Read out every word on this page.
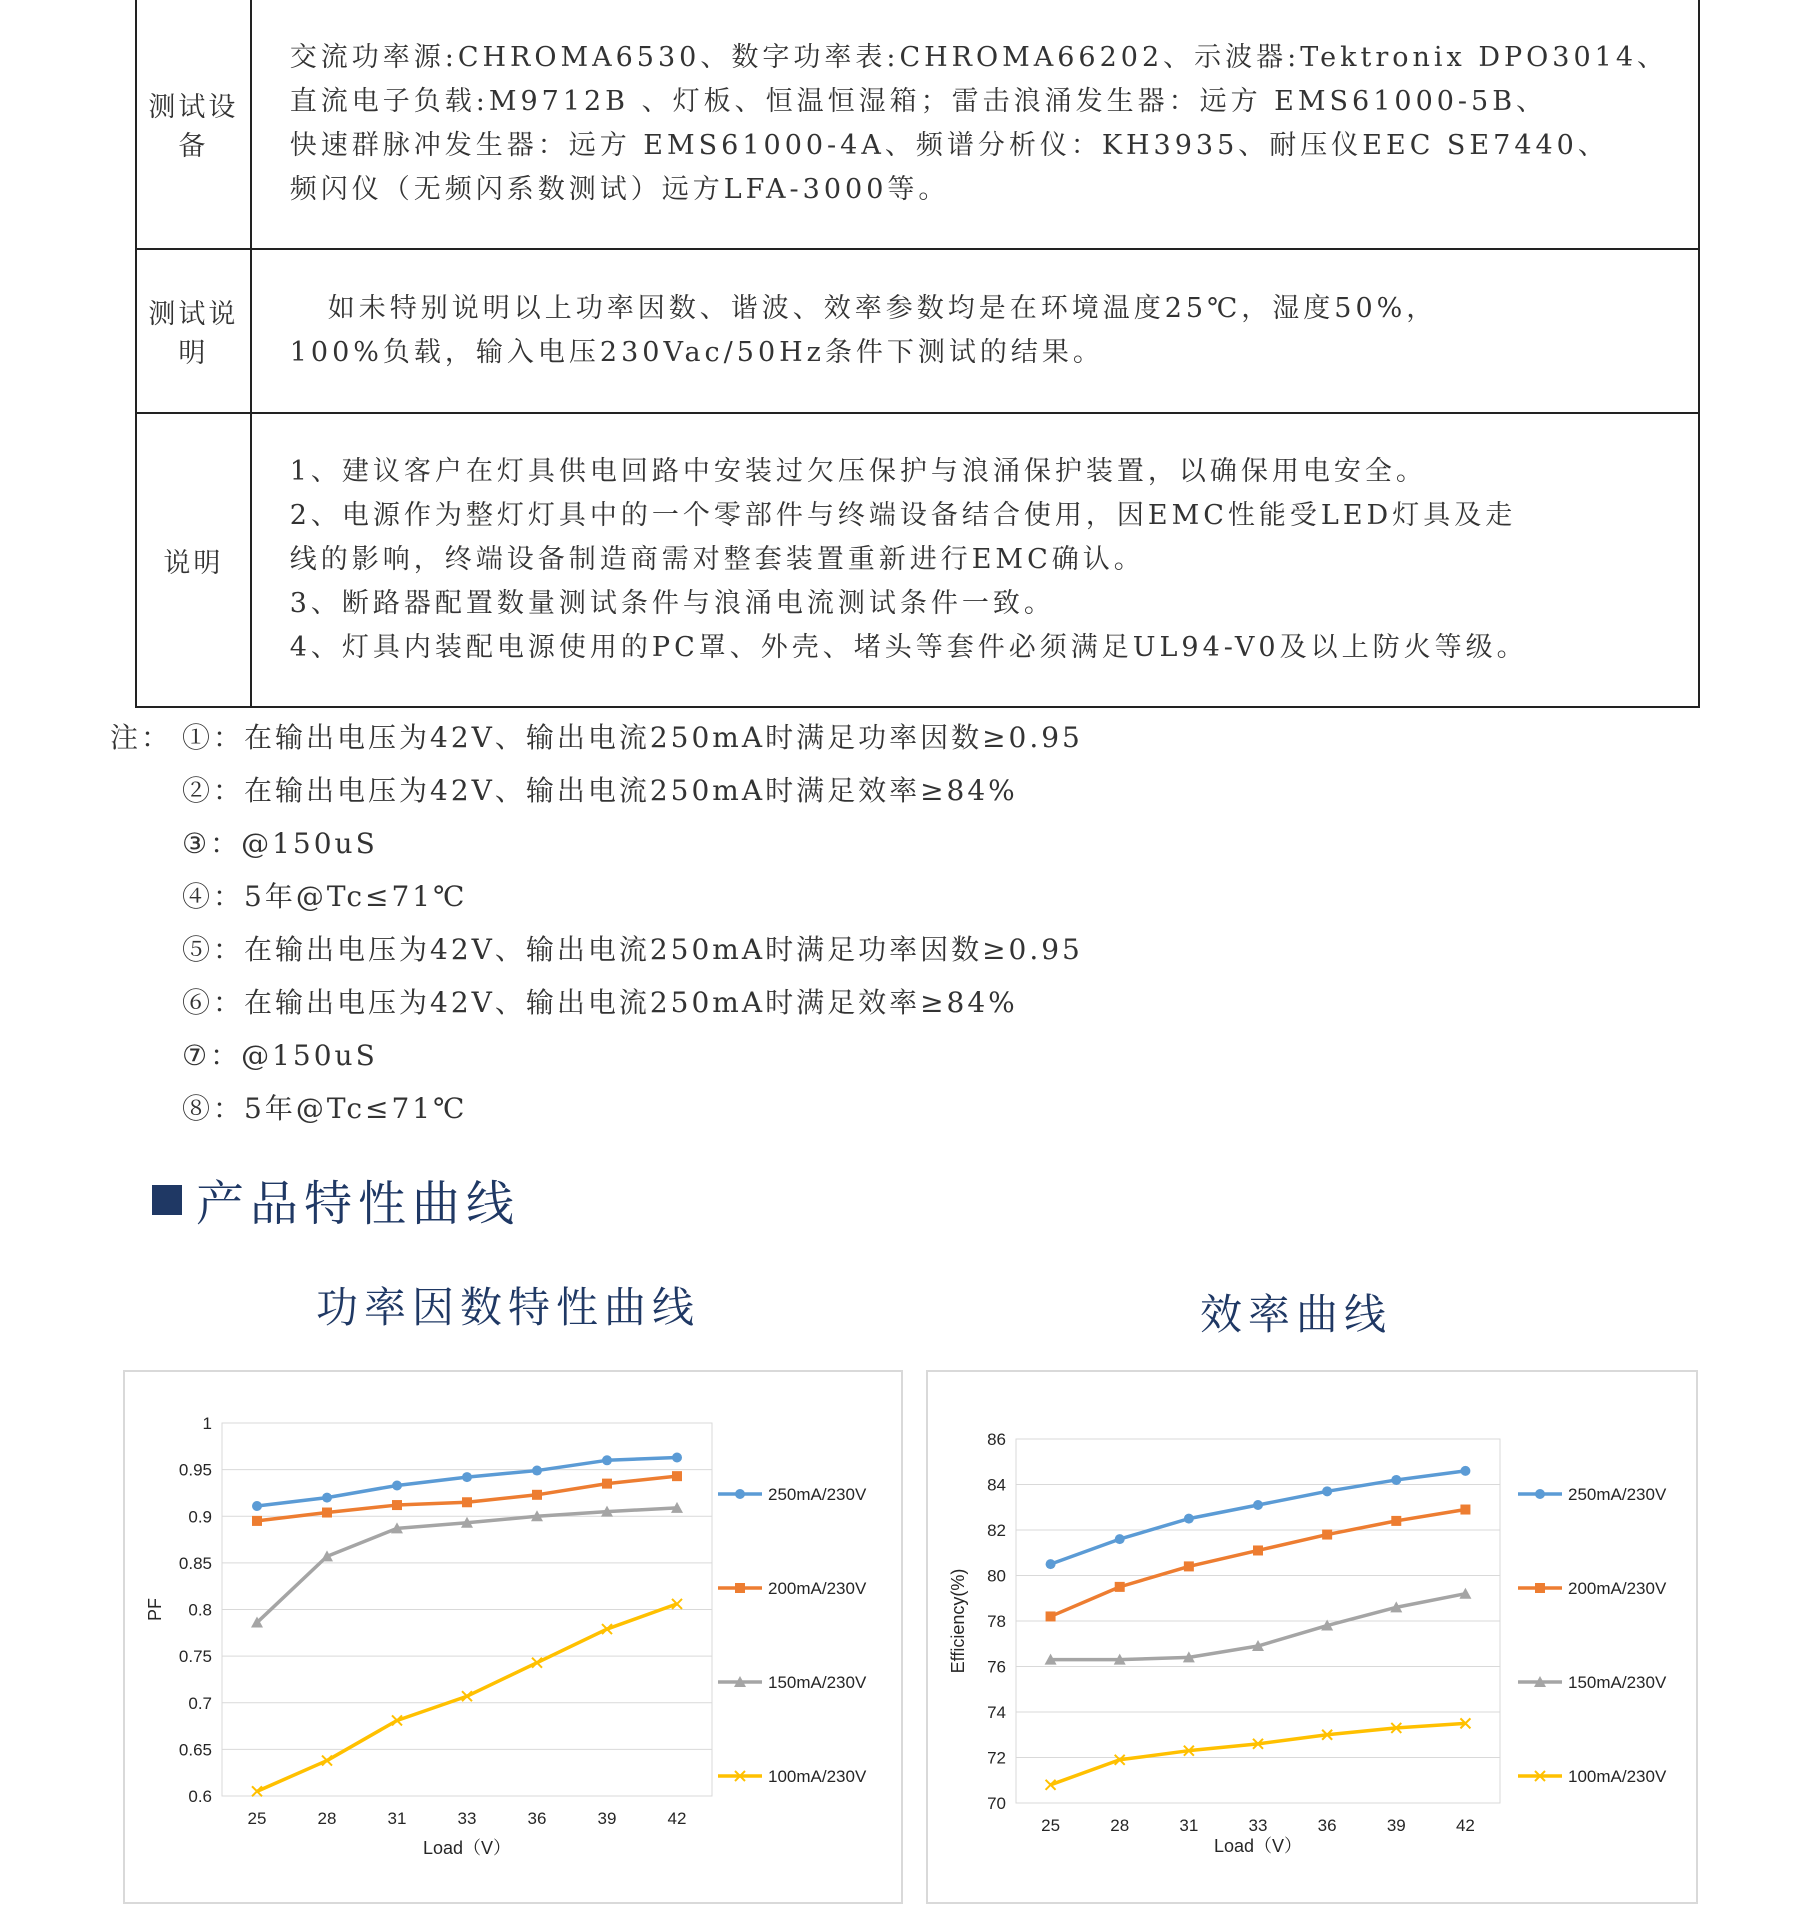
测试设备	交流功率源:CHROMA6530、数字功率表:CHROMA66202、示波器:Tektronix DPO3014、
直流电子负载:M9712B 、灯板、恒温恒湿箱；雷击浪涌发生器：远方 EMS61000-5B、
快速群脉冲发生器：远方 EMS61000-4A、频谱分析仪：KH3935、耐压仪EEC SE7440、
频闪仪（无频闪系数测试）远方LFA-3000等。

测试说明	如未特别说明以上功率因数、谐波、效率参数均是在环境温度25℃，湿度50%，
100%负载，输入电压230Vac/50Hz条件下测试的结果。

说明	1、建议客户在灯具供电回路中安装过欠压保护与浪涌保护装置，以确保用电安全。
2、电源作为整灯灯具中的一个零部件与终端设备结合使用，因EMC性能受LED灯具及走
线的影响，终端设备制造商需对整套装置重新进行EMC确认。
3、断路器配置数量测试条件与浪涌电流测试条件一致。
4、灯具内装配电源使用的PC罩、外壳、堵头等套件必须满足UL94-V0及以上防火等级。
注： ①：在输出电压为42V、输出电流250mA时满足功率因数≥0.95
②：在输出电压为42V、输出电流250mA时满足效率≥84%
③：@150uS
④：5年@Tc≤71℃
⑤：在输出电压为42V、输出电流250mA时满足功率因数≥0.95
⑥：在输出电压为42V、输出电流250mA时满足效率≥84%
⑦：@150uS
⑧：5年@Tc≤71℃
产品特性曲线
功率因数特性曲线	效率曲线
0.6
0.65
0.7
0.75
0.8
0.85
0.9
0.95
1
25	28	31	33	36	39	42
Load（V）
PF
250mA/230V
200mA/230V
150mA/230V
100mA/230V
70
72
74
76
78
80
82
84
86
25	28	31	33	36	39	42
Load（V）
Efficiency(%)
250mA/230V
200mA/230V
150mA/230V
100mA/230V
